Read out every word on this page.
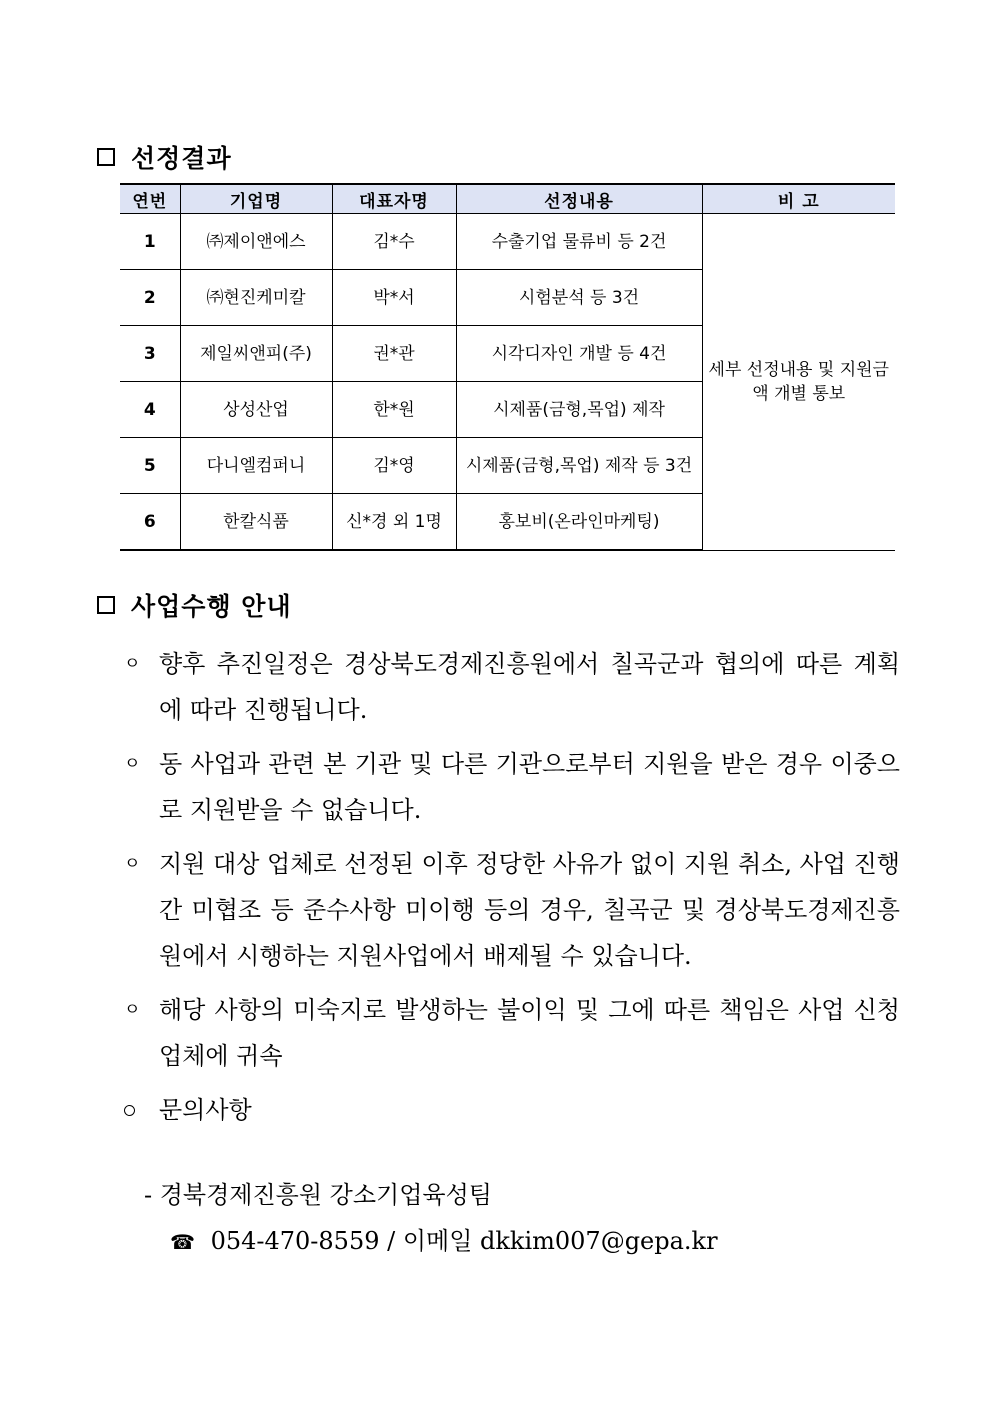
선정결과
연번	기업명	대표자명	선정내용	비 고
1	㈜제이앤에스	김*수	수출기업 물류비 등 2건	세부 선정내용 및 지원금액 개별 통보
2	㈜현진케미칼	박*서	시험분석 등 3건	
3	제일씨앤피(주)	권*관	시각디자인 개발 등 4건	
4	상성산업	한*원	시제품(금형,목업) 제작	
5	다니엘컴퍼니	김*영	시제품(금형,목업) 제작 등 3건	
6	한칼식품	신*경 외 1명	홍보비(온라인마케팅)	
사업수행 안내
ㅇ 향후 추진일정은 경상북도경제진흥원에서 칠곡군과 협의에 따른 계획에 따라 진행됩니다.
ㅇ 동 사업과 관련 본 기관 및 다른 기관으로부터 지원을 받은 경우 이중으로 지원받을 수 없습니다.
ㅇ 지원 대상 업체로 선정된 이후 정당한 사유가 없이 지원 취소, 사업 진행간 미협조 등 준수사항 미이행 등의 경우, 칠곡군 및 경상북도경제진흥원에서 시행하는 지원사업에서 배제될 수 있습니다.
ㅇ 해당 사항의 미숙지로 발생하는 불이익 및 그에 따른 책임은 사업 신청업체에 귀속
문의사항
- 경북경제진흥원 강소기업육성팀
☎ 054-470-8559 / 이메일 dkkim007@gepa.kr
